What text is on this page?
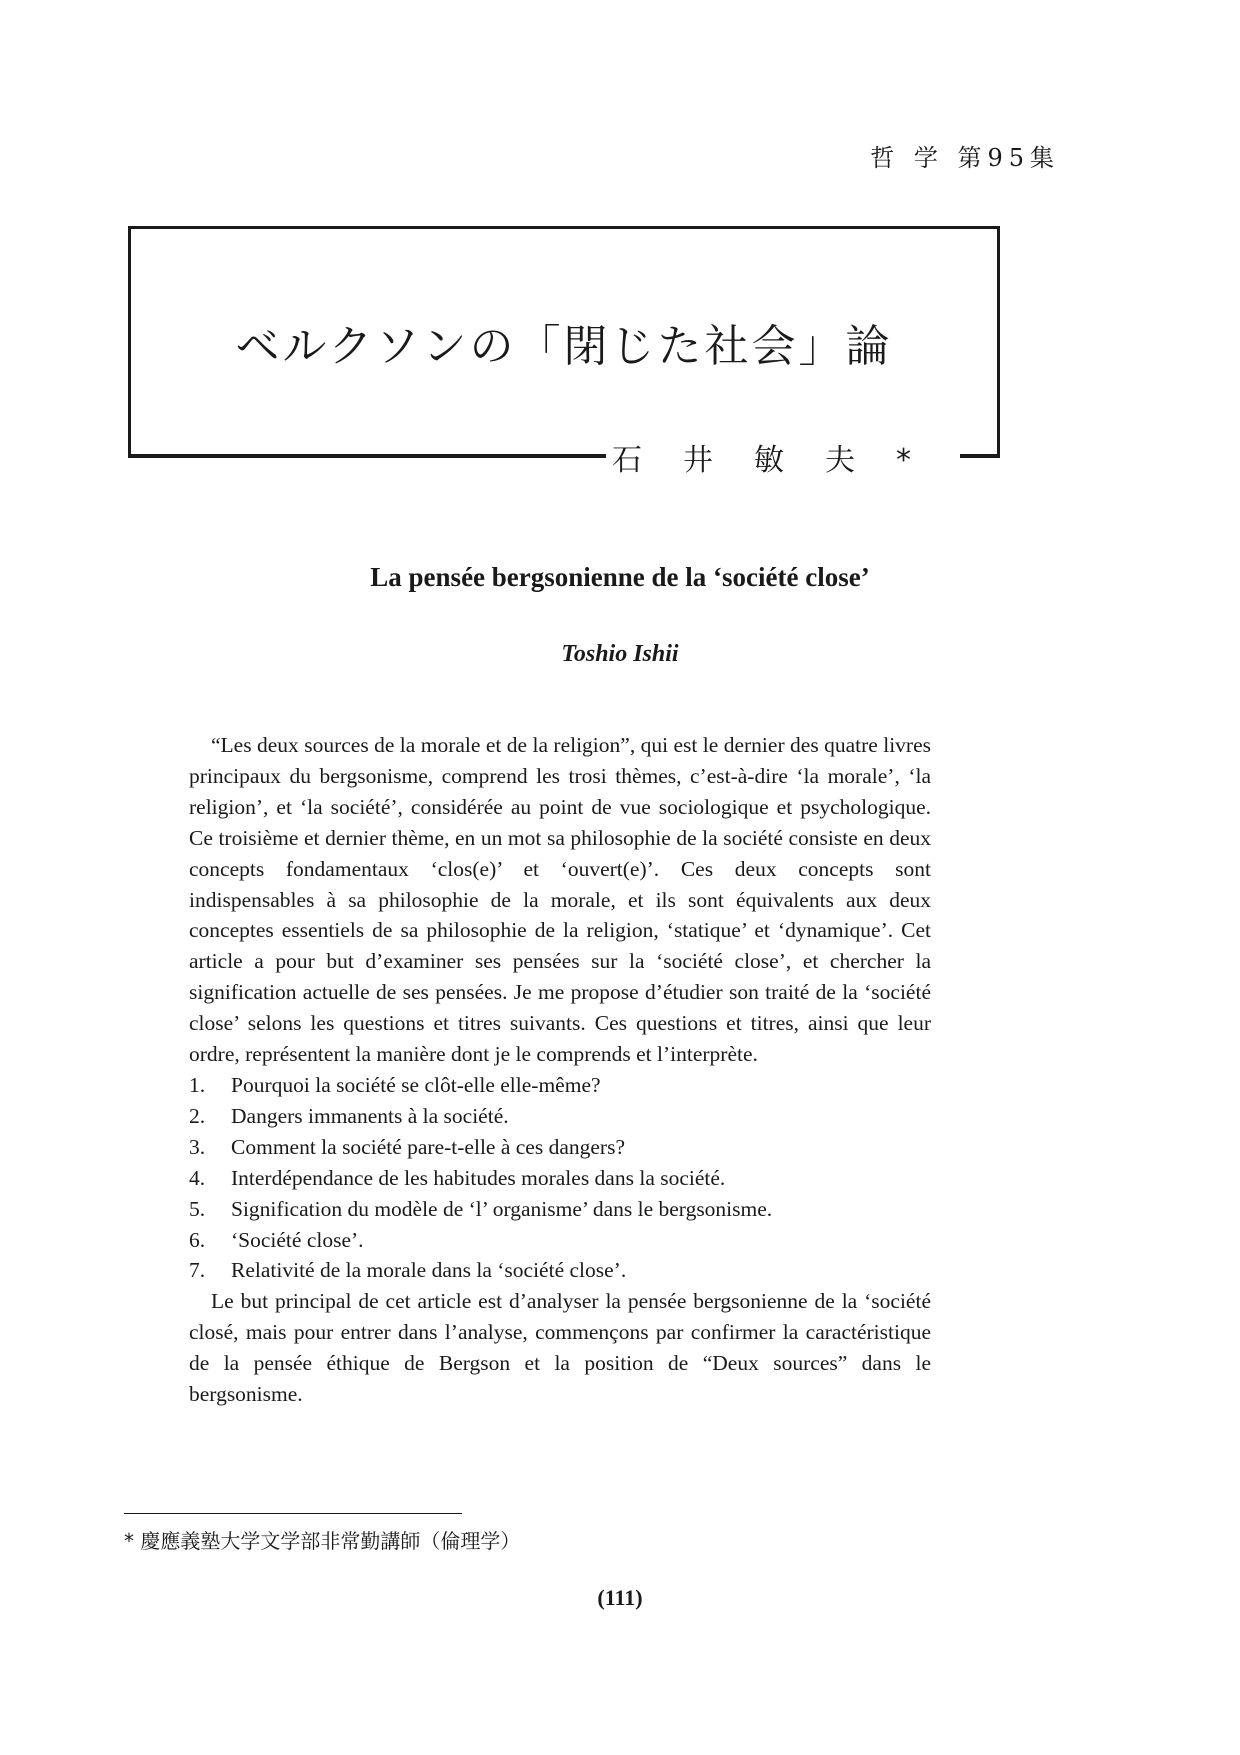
哲 学 第95集
ベルクソンの「閉じた社会」論
石井敏夫*
La pensée bergsonienne de la ‘société close’
Toshio Ishii

“Les deux sources de la morale et de la religion”, qui est le dernier des quatre livres principaux du bergsonisme, comprend les trosi thèmes, c’est-à-dire ‘la morale’, ‘la religion’, et ‘la société’, considérée au point de vue sociologique et psychologique. Ce troisième et dernier thème, en un mot sa philosophie de la société consiste en deux concepts fondamentaux ‘clos(e)’ et ‘ouvert(e)’. Ces deux concepts sont indispensables à sa philosophie de la morale, et ils sont équivalents aux deux conceptes essentiels de sa philosophie de la religion, ‘statique’ et ‘dynamique’. Cet article a pour but d’examiner ses pensées sur la ‘société close’, et chercher la signification actuelle de ses pensées. Je me propose d’étudier son traité de la ‘société close’ selons les questions et titres suivants. Ces questions et titres, ainsi que leur ordre, représentent la manière dont je le comprends et l’interprète.

1.	Pourquoi la société se clôt-elle elle-même?
2.	Dangers immanents à la société.
3.	Comment la société pare-t-elle à ces dangers?
4.	Interdépendance de les habitudes morales dans la société.
5.	Signification du modèle de ‘l’ organisme’ dans le bergsonisme.
6.	‘Société close’.
7.	Relativité de la morale dans la ‘société close’.

Le but principal de cet article est d’analyser la pensée bergsonienne de la ‘société closé, mais pour entrer dans l’analyse, commençons par confirmer la caractéristique de la pensée éthique de Bergson et la position de “Deux sources” dans le bergsonisme.

* 慶應義塾大学文学部非常勤講師（倫理学）
(111)
